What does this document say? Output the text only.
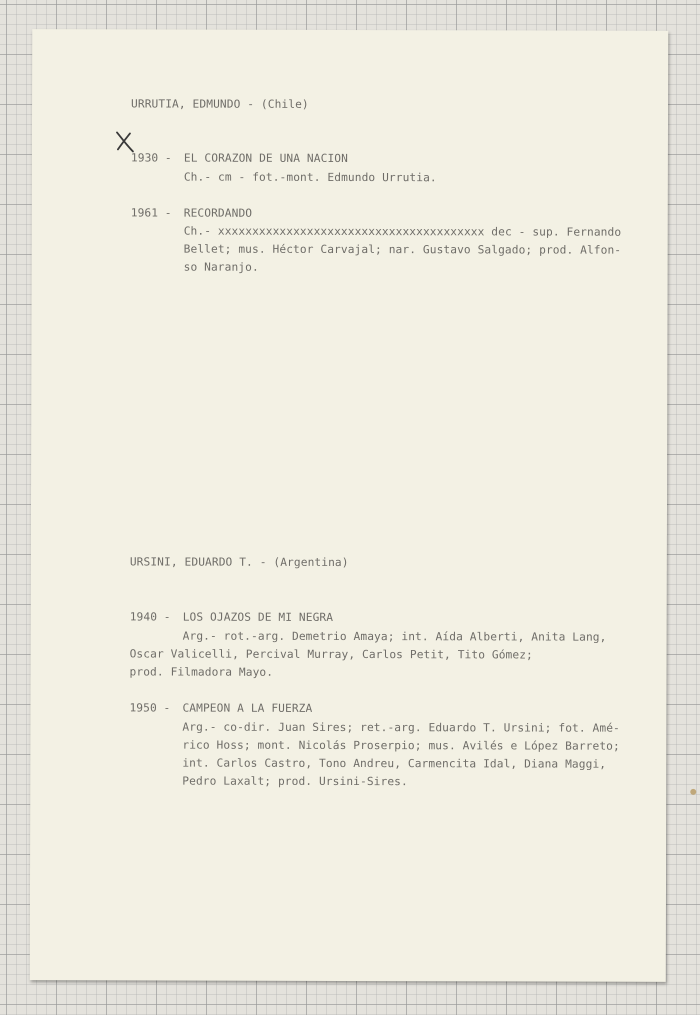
URRUTIA, EDMUNDO - (Chile)
1930 - EL CORAZON DE UNA NACION
Ch.- cm - fot.-mont. Edmundo Urrutia.
1961 - RECORDANDO
Ch.- xxxxxxxxxxxxxxxxxxxxxxxxxxxxxxxxxxxxxxx dec - sup. Fernando
Bellet; mus. Héctor Carvajal; nar. Gustavo Salgado; prod. Alfon-
so Naranjo.
URSINI, EDUARDO T. - (Argentina)
1940 - LOS OJAZOS DE MI NEGRA
Arg.- rot.-arg. Demetrio Amaya; int. Aída Alberti, Anita Lang,
Oscar Valicelli, Percival Murray, Carlos Petit, Tito Gómez;
prod. Filmadora Mayo.
1950 - CAMPEON A LA FUERZA
Arg.- co-dir. Juan Sires; ret.-arg. Eduardo T. Ursini; fot. Amé-
rico Hoss; mont. Nicolás Proserpio; mus. Avilés e López Barreto;
int. Carlos Castro, Tono Andreu, Carmencita Idal, Diana Maggi,
Pedro Laxalt; prod. Ursini-Sires.
